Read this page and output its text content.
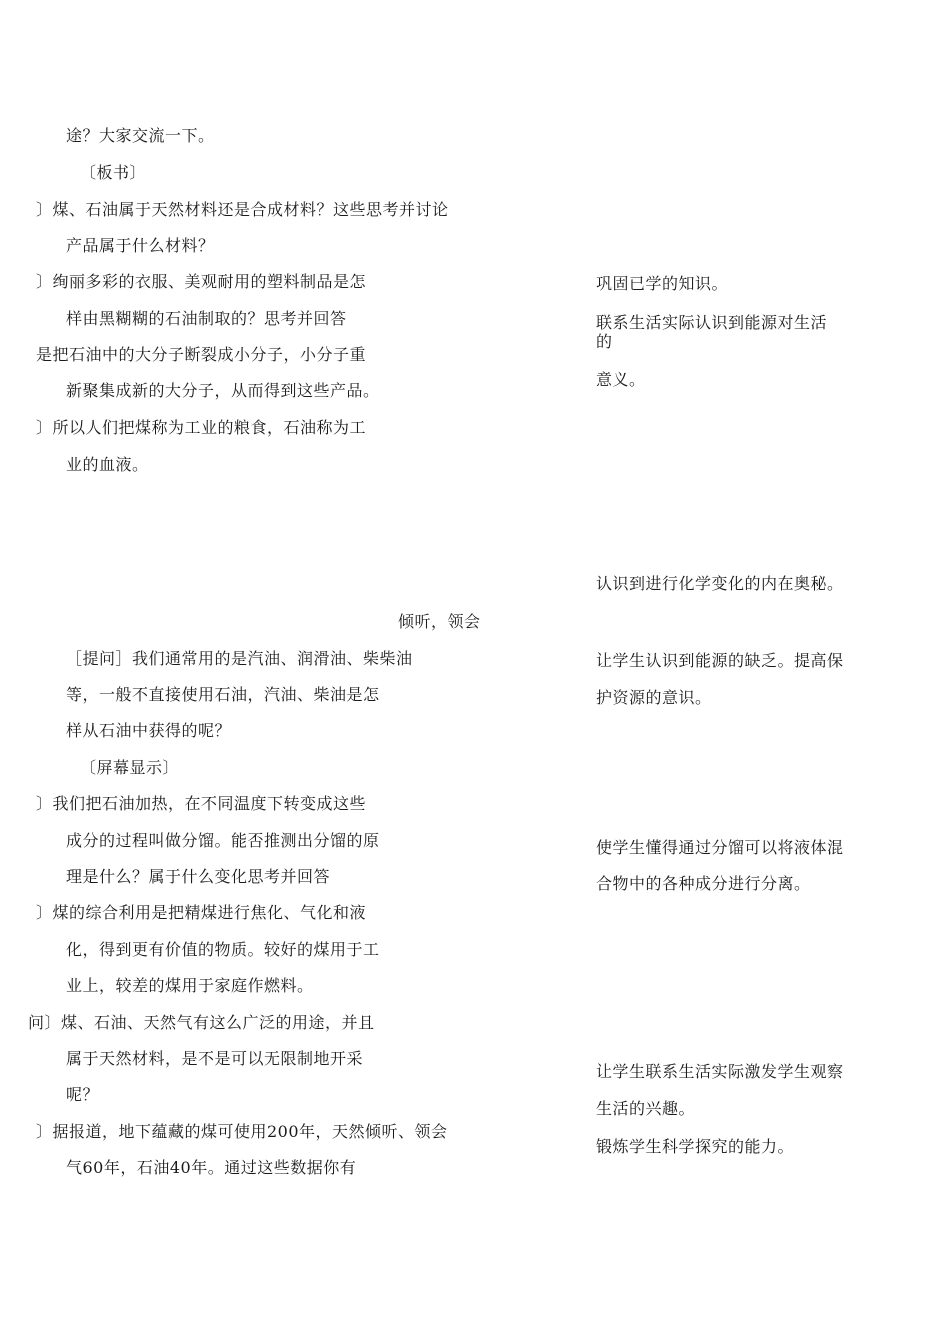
途？大家交流一下。
〔板书〕
〕煤、石油属于天然材料还是合成材料？这些思考并讨论
产品属于什么材料？
〕绚丽多彩的衣服、美观耐用的塑料制品是怎
样由黑糊糊的石油制取的？思考并回答
是把石油中的大分子断裂成小分子，小分子重
新聚集成新的大分子，从而得到这些产品。
〕所以人们把煤称为工业的粮食，石油称为工
业的血液。
倾听，领会
［提问］我们通常用的是汽油、润滑油、柴柴油
等，一般不直接使用石油，汽油、柴油是怎
样从石油中获得的呢？
〔屏幕显示〕
〕我们把石油加热，在不同温度下转变成这些
成分的过程叫做分馏。能否推测出分馏的原
理是什么？属于什么变化思考并回答
〕煤的综合利用是把精煤进行焦化、气化和液
化，得到更有价值的物质。较好的煤用于工
业上，较差的煤用于家庭作燃料。
问〕煤、石油、天然气有这么广泛的用途，并且
属于天然材料，是不是可以无限制地开采
呢？
〕据报道，地下蕴藏的煤可使用200年，天然倾听、领会
气60年，石油40年。通过这些数据你有
巩固已学的知识。
联系生活实际认识到能源对生活
的
意义。
认识到进行化学变化的内在奥秘。
让学生认识到能源的缺乏。提高保
护资源的意识。
使学生懂得通过分馏可以将液体混
合物中的各种成分进行分离。
让学生联系生活实际激发学生观察
生活的兴趣。
锻炼学生科学探究的能力。
